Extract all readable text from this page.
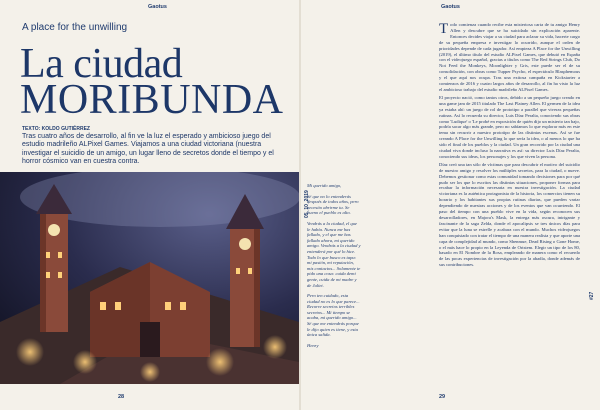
Gaotus
A place for the unwilling
La ciudad
MORIBUNDA
TEXTO: KOLDO GUTIÉRREZ

Tras cuatro años de desarrollo, al fin ve la luz el esperado y ambicioso juego del estudio madrileño ALPixel Games. Viajamos a una ciudad victoriana (nuestra investigar el suicidio de un amigo, un lugar lleno de secretos donde el tiempo y el horror cósmico van en cuestra contra.

28
Gaotus
05_10_2019
#27
29

Mi querido amigo,

Sé que no lo entenderás después de todos años, pero necesito abrirme tu. Se bueno el pueblo es alto.

Vendrás a la ciudad, el que le había. Nunca me has fallado, y el que me has fallado ahora, mi querido amigo. Vendrás a la ciudad y entenderá por qué lo hice. Todo lo que busco es tapu: mi pasión, mi reputación, mis contactos... Solamente te pido una cosa: cuida demi gente, cuida de mi madre y de Juliet.

Pero ten cuidado, esta ciudad no es lo que parece... Recorre secretos terribles secretos... Mi tiempo se acaba, mi querido amigo... Sé que me entendrás porque le dijo quien es tiene, y esta única salida.

Henry

Todo comienza cuando recibe esta misteriosa carta de tu amigo Henry Allen y descubre que se ha suicidado sin explicación aparente. Entonces decides viajar a su ciudad para aclarar su vida, hacerte cargo de su pequeña empresa e investigar lo ocurrido, aunque el orden de prioridades depende de cada jugador. Así empieza A Place for the Unwilling (2019), el último título del estudio ALPixel Games, que debutó en España con el videojuego español, gracias a títulos como The Red Strings Club, Do Not Feed the Monkeys, Moonlighter y Gris, este puede ser el de su consolidación, con obras como Tupper Psycho, el espectáculo Blasphemous y el que aquí nos ocupa. Tras una exitosa campaña en Kickstarter a comienzos de 2016 y cuatro largos años de desarrollo, al fin ha visto la luz el ambicioso trabajo del estudio madrileño ALPixel Games.

El proyecto nació, como tantos otros, debido a un pequeño juego creado en una game jam de 2015 titulado The Last Plainey Allen. El germen de la idea ya estaba ahí: un juego de rol de prototipo a parallel que viveras pequeñas rutinas. Así lo recuerda su director, Luis Díaz Peralta, conociendo sus obras como 'Ludique' o 'Le probé en exposición de quién dijo un misterio tan bajo, podría sacar algo más grande, pero no sabíamos lo que explorar más en este tema sin recurrir a nuestro prototipo de las distintas escenas. Así se fue creando A Place for the Unwilling lo que sería la idea, o al menos lo que ha sido el final de los pueblos y la ciudad. Un gran recorrido por la ciudad una ciudad viva donde incluso la narrativa es así: su director Luis Díaz Peralta, conociendo sus ideas, los personajes y los que viven la persona.

Díaz creó una tan sólo de víctimas que para descubrir el motivo del suicidio de nuestro amigo y resolver los múltiples secretos, para la ciudad, o nueve. Debemos gestionar como estas comunidad tomando decisiones para por qué pudo ser los que lo escritos las distintas situaciones, proponer formas para recabar la información necesaria en nuestra investigación. La ciudad victoriana es la auténtica protagonista de la historia, los comercios tienen su horario y los habitantes sus propias rutinas diarias, que pueden variar dependiendo de nuestras acciones y de los eventos que van ocurriendo. El paso del tiempo con una pueblo vive en la vida, según reconocen sus desarrolladores, en Majora's Mask, la entrega más oscura, intrigante y fascinante de la saga Zelda, donde el apocalipsis se tres únicos días para evitar que la luna se estrelle y acabara con el mundo. Muchos videojuegos han conquistado con tratar el tiempo de una manera realista y que aporte una capa de complejidad al mundo, como Shenmue, Dead Rising o Gone Home, o el más hace lo propio en la Leyenda de Oristem. Elegir un tipo de los 80, basado en El Nombre de la Rosa, empleando de manera como el recuerdo de las pocas experiencias de investigación por la abadía, donde además de sus contribuciones.
